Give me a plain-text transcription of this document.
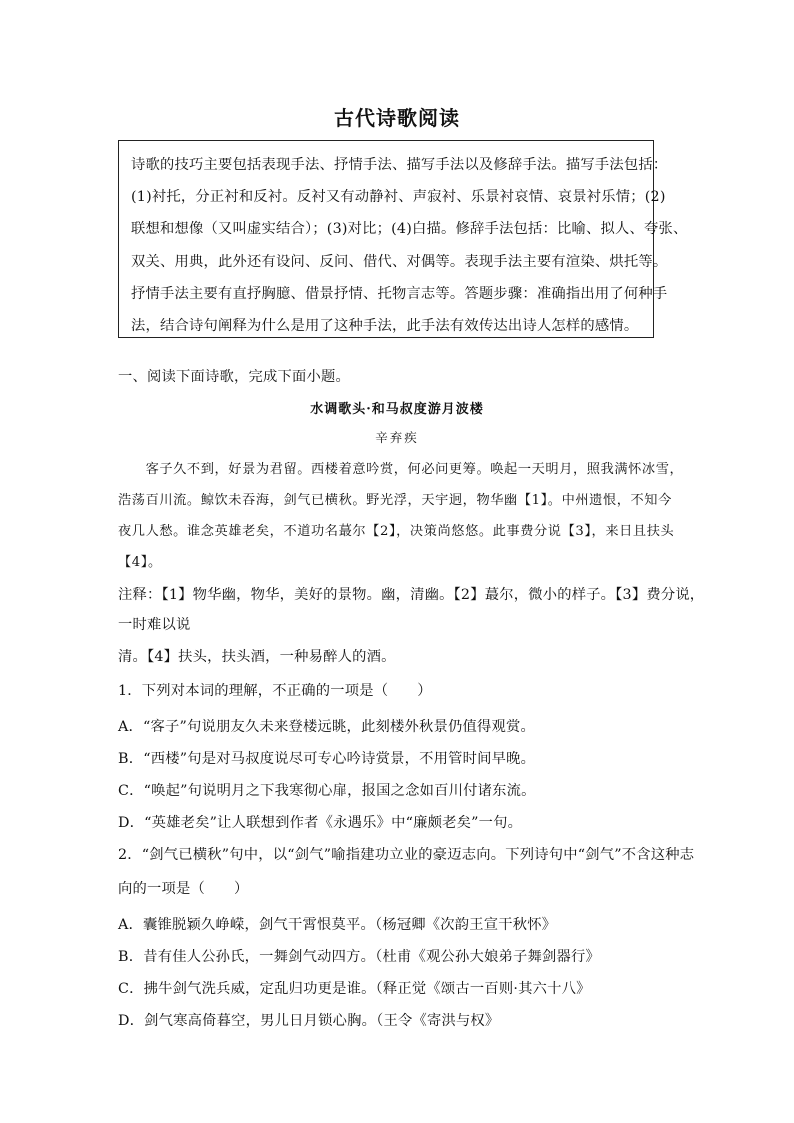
古代诗歌阅读
诗歌的技巧主要包括表现手法、抒情手法、描写手法以及修辞手法。描写手法包括：
(1)衬托，分正衬和反衬。反衬又有动静衬、声寂衬、乐景衬哀情、哀景衬乐情；(2)
联想和想像（又叫虚实结合）；(3)对比；(4)白描。修辞手法包括：比喻、拟人、夸张、
双关、用典，此外还有设问、反问、借代、对偶等。表现手法主要有渲染、烘托等。
抒情手法主要有直抒胸臆、借景抒情、托物言志等。答题步骤：准确指出用了何种手
法，结合诗句阐释为什么是用了这种手法，此手法有效传达出诗人怎样的感情。
一、阅读下面诗歌，完成下面小题。
水调歌头·和马叔度游月波楼
辛弃疾
　　客子久不到，好景为君留。西楼着意吟赏，何必问更筹。唤起一天明月，照我满怀冰雪，
浩荡百川流。鲸饮未吞海，剑气已横秋。野光浮，天宇迥，物华幽【1】。中州遗恨，不知今
夜几人愁。谁念英雄老矣，不道功名蕞尔【2】，决策尚悠悠。此事费分说【3】，来日且扶头
【4】。
注释：【1】物华幽，物华，美好的景物。幽，清幽。【2】蕞尔，微小的样子。【3】费分说，
一时难以说
清。【4】扶头，扶头酒，一种易醉人的酒。
1．下列对本词的理解，不正确的一项是（　　）
A．“客子”句说朋友久未来登楼远眺，此刻楼外秋景仍值得观赏。
B．“西楼”句是对马叔度说尽可专心吟诗赏景，不用管时间早晚。
C．“唤起”句说明月之下我寒彻心扉，报国之念如百川付诸东流。
D．“英雄老矣”让人联想到作者《永遇乐》中“廉颇老矣”一句。
2．“剑气已横秋”句中，以“剑气”喻指建功立业的豪迈志向。下列诗句中“剑气”不含这种志
向的一项是（　　）
A．囊锥脱颖久峥嵘，剑气干霄恨莫平。（杨冠卿《次韵王宣干秋怀》
B．昔有佳人公孙氏，一舞剑气动四方。（杜甫《观公孙大娘弟子舞剑器行》
C．拂牛剑气洗兵威，定乱归功更是谁。（释正觉《颂古一百则·其六十八》
D．剑气寒高倚暮空，男儿日月锁心胸。（王令《寄洪与权》
